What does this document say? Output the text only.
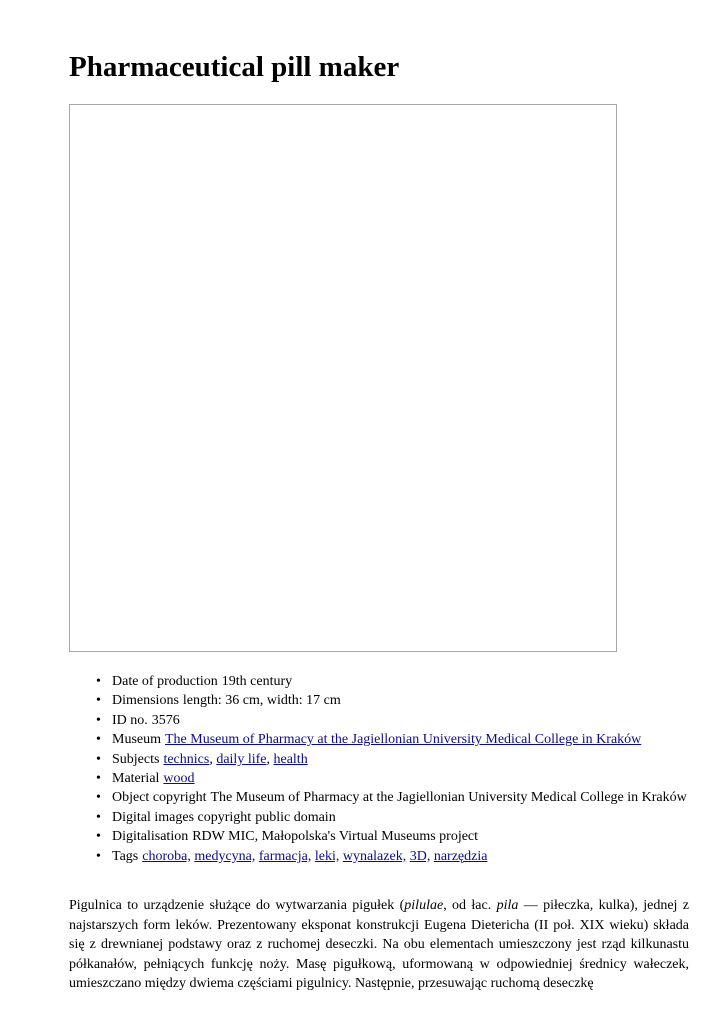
Pharmaceutical pill maker
• Date of production 19th century
• Dimensions length: 36 cm, width: 17 cm
• ID no. 3576
• Museum The Museum of Pharmacy at the Jagiellonian University Medical College in Kraków
• Subjects technics, daily life, health
• Material wood
• Object copyright The Museum of Pharmacy at the Jagiellonian University Medical College in Kraków
• Digital images copyright public domain
• Digitalisation RDW MIC, Małopolska's Virtual Museums project
• Tags choroba, medycyna, farmacja, leki, wynalazek, 3D, narzędzia

Pigulnica to urządzenie służące do wytwarzania pigułek (pilulae, od łac. pila — piłeczka, kulka), jednej z najstarszych form leków. Prezentowany eksponat konstrukcji Eugena Dietericha (II poł. XIX wieku) składa się z drewnianej podstawy oraz z ruchomej deseczki. Na obu elementach umieszczony jest rząd kilkunastu półkanałów, pełniących funkcję noży. Masę pigułkową, uformowaną w odpowiedniej średnicy wałeczek, umieszczano między dwiema częściami pigulnicy. Następnie, przesuwając ruchomą deseczkę
